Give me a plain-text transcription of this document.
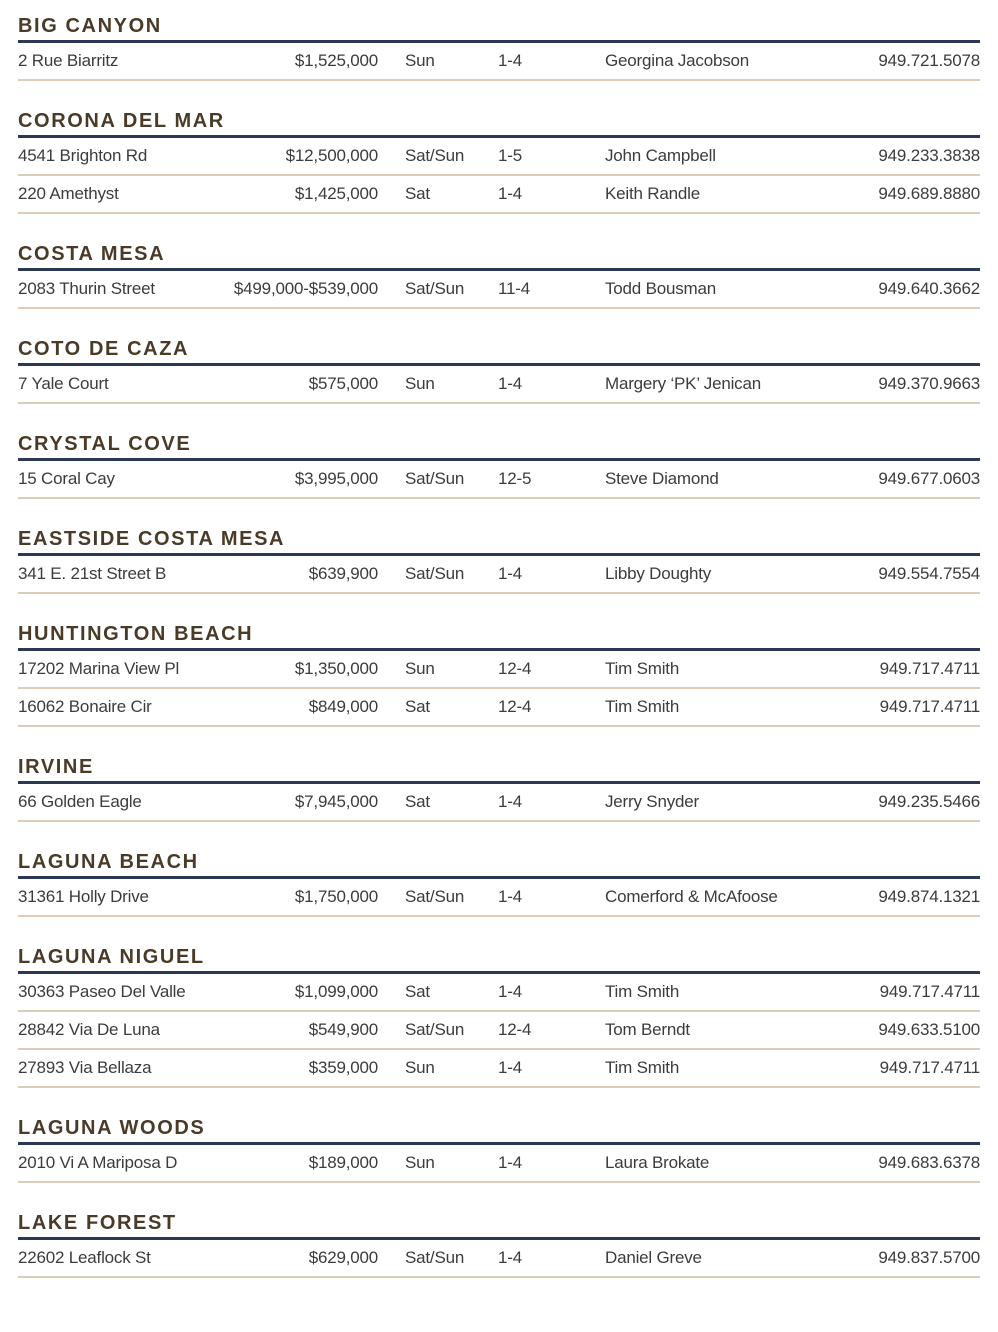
BIG CANYON
2 Rue Biarritz	$1,525,000	Sun	1-4	Georgina Jacobson	949.721.5078
CORONA DEL MAR
4541 Brighton Rd	$12,500,000	Sat/Sun	1-5	John Campbell	949.233.3838
220 Amethyst	$1,425,000	Sat	1-4	Keith Randle	949.689.8880
COSTA MESA
2083 Thurin Street	$499,000-$539,000	Sat/Sun	11-4	Todd Bousman	949.640.3662
COTO DE CAZA
7 Yale Court	$575,000	Sun	1-4	Margery ‘PK’ Jenican	949.370.9663
CRYSTAL COVE
15 Coral Cay	$3,995,000	Sat/Sun	12-5	Steve Diamond	949.677.0603
EASTSIDE COSTA MESA
341 E. 21st Street B	$639,900	Sat/Sun	1-4	Libby Doughty	949.554.7554
HUNTINGTON BEACH
17202 Marina View Pl	$1,350,000	Sun	12-4	Tim Smith	949.717.4711
16062 Bonaire Cir	$849,000	Sat	12-4	Tim Smith	949.717.4711
IRVINE
66 Golden Eagle	$7,945,000	Sat	1-4	Jerry Snyder	949.235.5466
LAGUNA BEACH
31361 Holly Drive	$1,750,000	Sat/Sun	1-4	Comerford & McAfoose	949.874.1321
LAGUNA NIGUEL
30363 Paseo Del Valle	$1,099,000	Sat	1-4	Tim Smith	949.717.4711
28842 Via De Luna	$549,900	Sat/Sun	12-4	Tom Berndt	949.633.5100
27893 Via Bellaza	$359,000	Sun	1-4	Tim Smith	949.717.4711
LAGUNA WOODS
2010 Vi A Mariposa D	$189,000	Sun	1-4	Laura Brokate	949.683.6378
LAKE FOREST
22602 Leaflock St	$629,000	Sat/Sun	1-4	Daniel Greve	949.837.5700
